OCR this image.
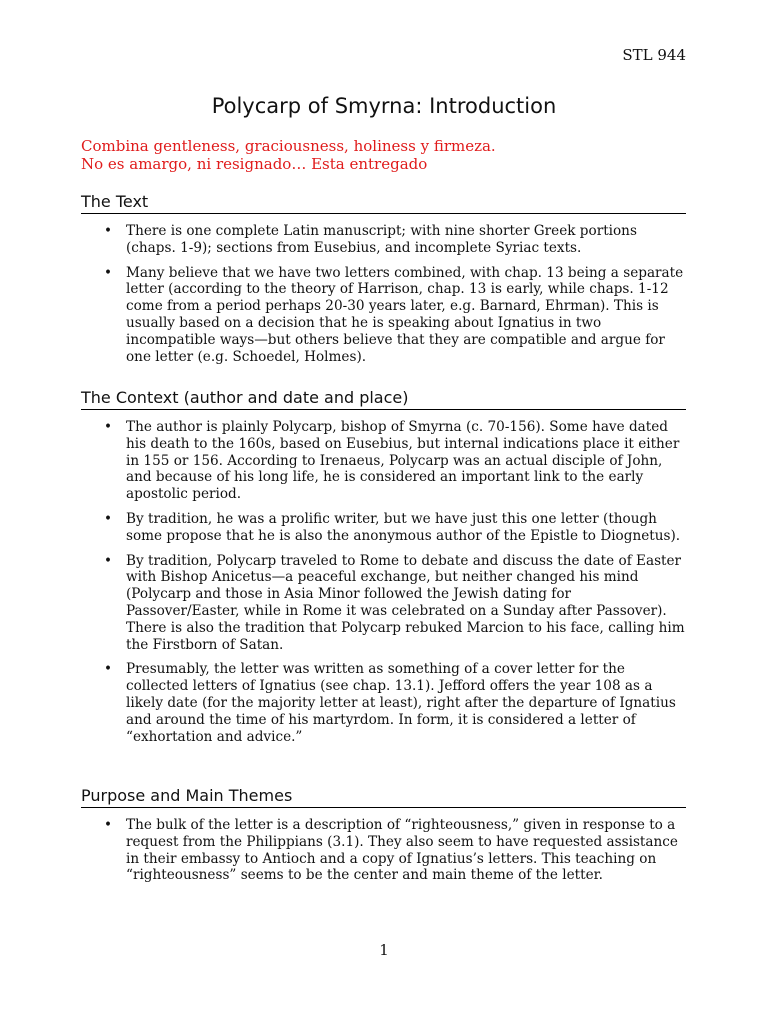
STL 944
Polycarp of Smyrna: Introduction
Combina gentleness, graciousness, holiness y firmeza.
No es amargo, ni resignado… Esta entregado
The Text
• There is one complete Latin manuscript; with nine shorter Greek portions (chaps. 1-9); sections from Eusebius, and incomplete Syriac texts.
• Many believe that we have two letters combined, with chap. 13 being a separate letter (according to the theory of Harrison, chap. 13 is early, while chaps. 1-12 come from a period perhaps 20-30 years later, e.g. Barnard, Ehrman). This is usually based on a decision that he is speaking about Ignatius in two incompatible ways—but others believe that they are compatible and argue for one letter (e.g. Schoedel, Holmes).
The Context (author and date and place)
• The author is plainly Polycarp, bishop of Smyrna (c. 70-156). Some have dated his death to the 160s, based on Eusebius, but internal indications place it either in 155 or 156. According to Irenaeus, Polycarp was an actual disciple of John, and because of his long life, he is considered an important link to the early apostolic period.
• By tradition, he was a prolific writer, but we have just this one letter (though some propose that he is also the anonymous author of the Epistle to Diognetus).
• By tradition, Polycarp traveled to Rome to debate and discuss the date of Easter with Bishop Anicetus—a peaceful exchange, but neither changed his mind (Polycarp and those in Asia Minor followed the Jewish dating for Passover/Easter, while in Rome it was celebrated on a Sunday after Passover). There is also the tradition that Polycarp rebuked Marcion to his face, calling him the Firstborn of Satan.
• Presumably, the letter was written as something of a cover letter for the collected letters of Ignatius (see chap. 13.1). Jefford offers the year 108 as a likely date (for the majority letter at least), right after the departure of Ignatius and around the time of his martyrdom. In form, it is considered a letter of “exhortation and advice.”
Purpose and Main Themes
• The bulk of the letter is a description of “righteousness,” given in response to a request from the Philippians (3.1). They also seem to have requested assistance in their embassy to Antioch and a copy of Ignatius’s letters. This teaching on “righteousness” seems to be the center and main theme of the letter.
1
